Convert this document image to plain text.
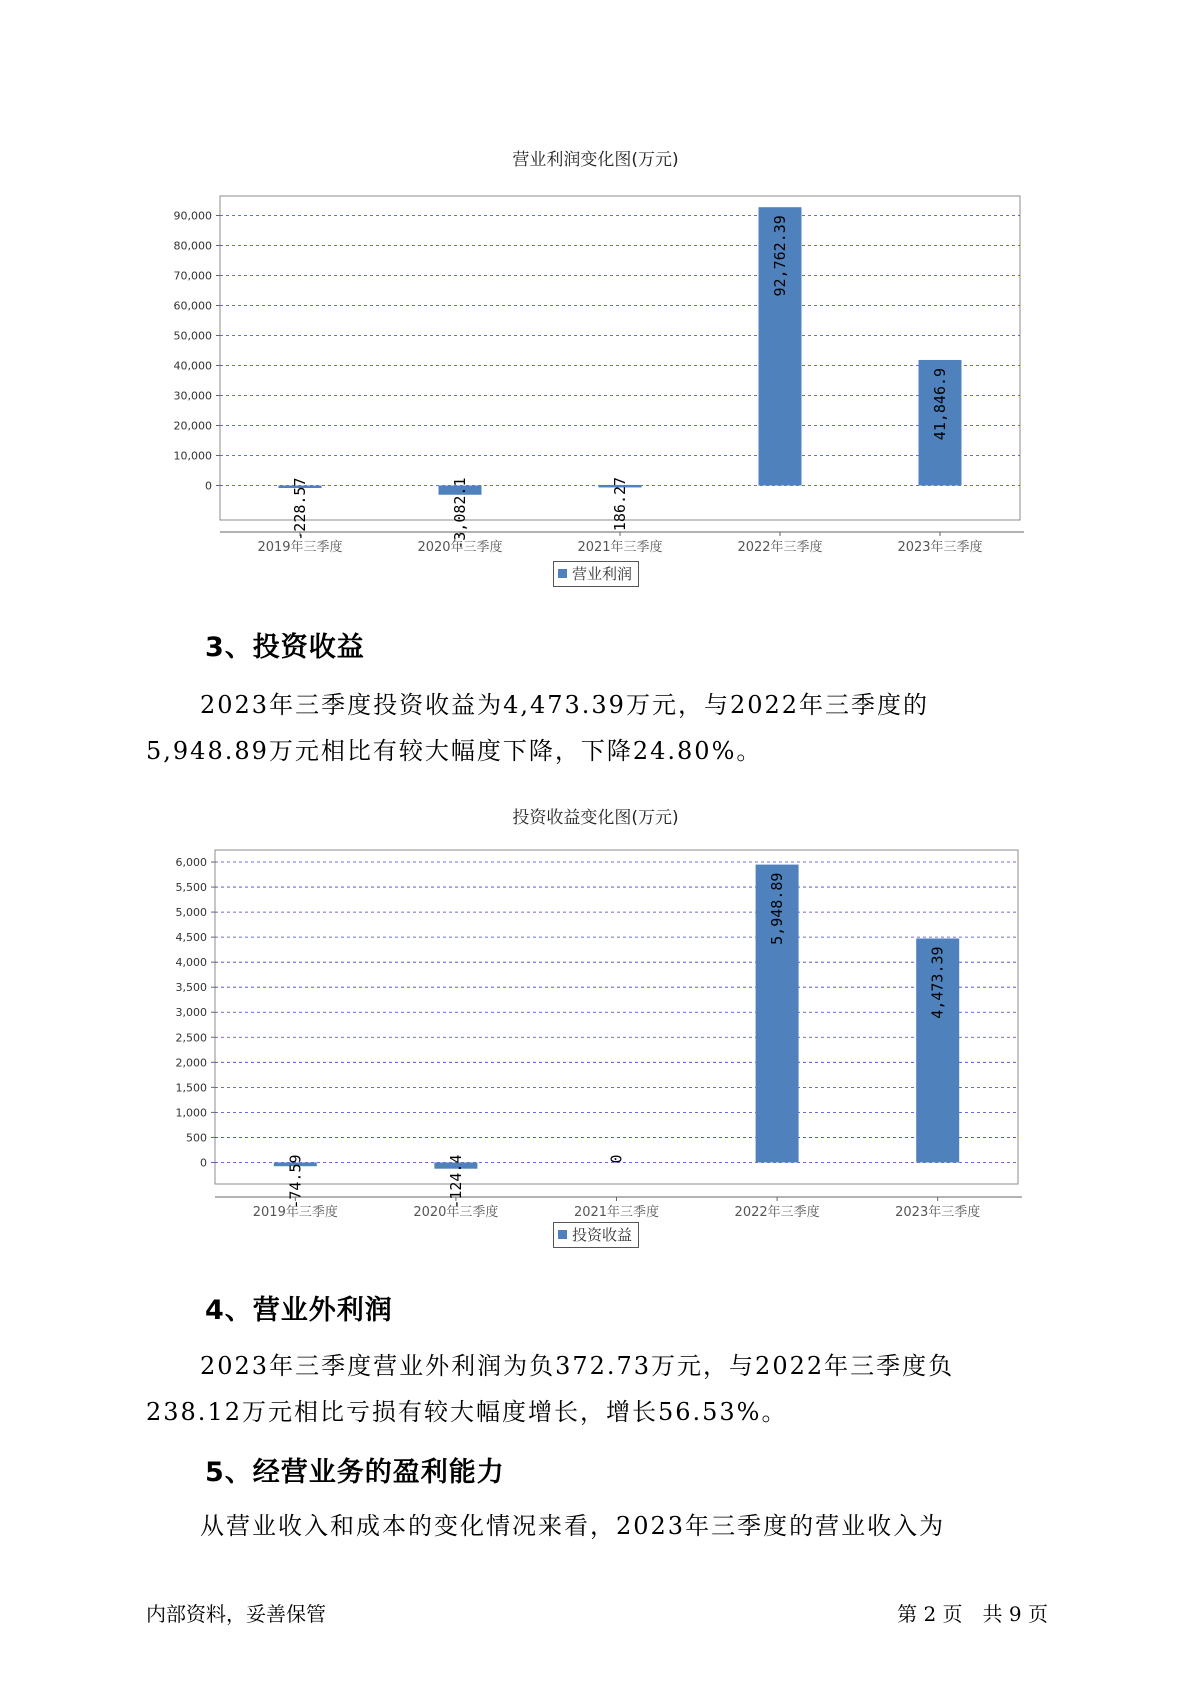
营业利润变化图(万元)
0
10,000
20,000
30,000
40,000
50,000
60,000
70,000
80,000
90,000
2019年三季度
-228.57
2020年三季度
-3,082.1	2021年三季度
186.27
2022年三季度
92,762.39
2023年三季度
41,846.9
营业利润
3、投资收益
2023年三季度投资收益为4,473.39万元，与2022年三季度的5,948.89万元相比有较大幅度下降，下降24.80%。
投资收益变化图(万元)
0
500
1,000
1,500
2,000
2,500
3,000
3,500
4,000
4,500
5,000
5,500
6,000
2019年三季度
-74.59
2020年三季度
-124.4
2021年三季度
0
2022年三季度
5,948.89
2023年三季度
4,473.39
投资收益
4、营业外利润
2023年三季度营业外利润为负372.73万元，与2022年三季度负238.12万元相比亏损有较大幅度增长，增长56.53%。
5、经营业务的盈利能力
从营业收入和成本的变化情况来看，2023年三季度的营业收入为
内部资料，妥善保管	第 2 页　共 9 页
